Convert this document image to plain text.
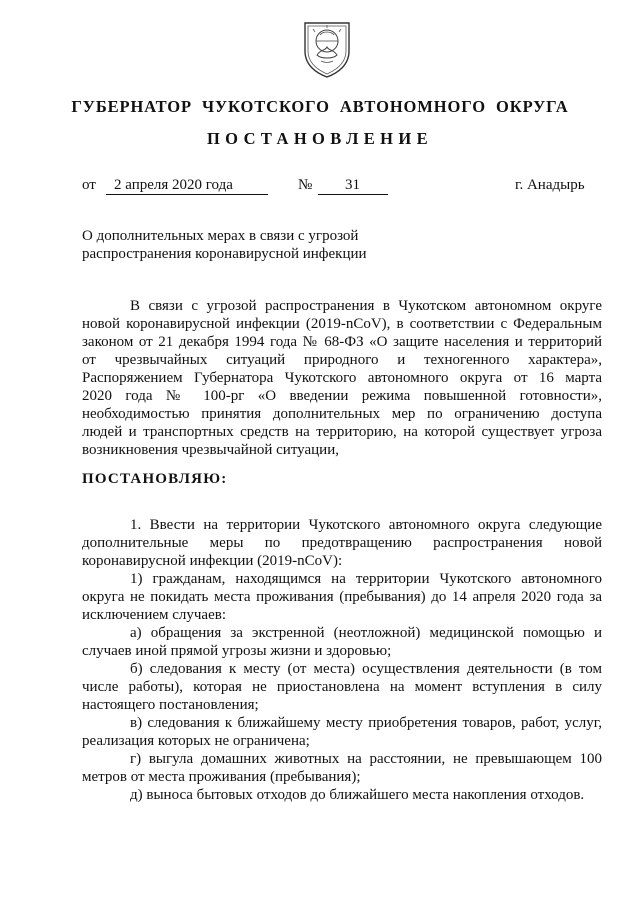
ГУБЕРНАТОР ЧУКОТСКОГО АВТОНОМНОГО ОКРУГА
ПОСТАНОВЛЕНИЕ
от	2 апреля 2020 года	№	31	г. Анадырь
О дополнительных мерах в связи с угрозой
распространения коронавирусной инфекции
В связи с угрозой распространения в Чукотском автономном округе
новой коронавирусной инфекции (2019-nCoV), в соответствии с Федеральным
законом от 21 декабря 1994 года № 68-ФЗ «О защите населения и территорий
от чрезвычайных ситуаций природного и техногенного характера»,
Распоряжением Губернатора Чукотского автономного округа от 16 марта
2020 года № 100-рг «О введении режима повышенной готовности»,
необходимостью принятия дополнительных мер по ограничению доступа
людей и транспортных средств на территорию, на которой существует угроза
возникновения чрезвычайной ситуации,
ПОСТАНОВЛЯЮ:
1. Ввести на территории Чукотского автономного округа следующие
дополнительные меры по предотвращению распространения новой
коронавирусной инфекции (2019-nCoV):
1) гражданам, находящимся на территории Чукотского автономного
округа не покидать места проживания (пребывания) до 14 апреля 2020 года за
исключением случаев:
а) обращения за экстренной (неотложной) медицинской помощью и
случаев иной прямой угрозы жизни и здоровью;
б) следования к месту (от места) осуществления деятельности (в том
числе работы), которая не приостановлена на момент вступления в силу
настоящего постановления;
в) следования к ближайшему месту приобретения товаров, работ, услуг,
реализация которых не ограничена;
г) выгула домашних животных на расстоянии, не превышающем 100
метров от места проживания (пребывания);
д) выноса бытовых отходов до ближайшего места накопления отходов.
